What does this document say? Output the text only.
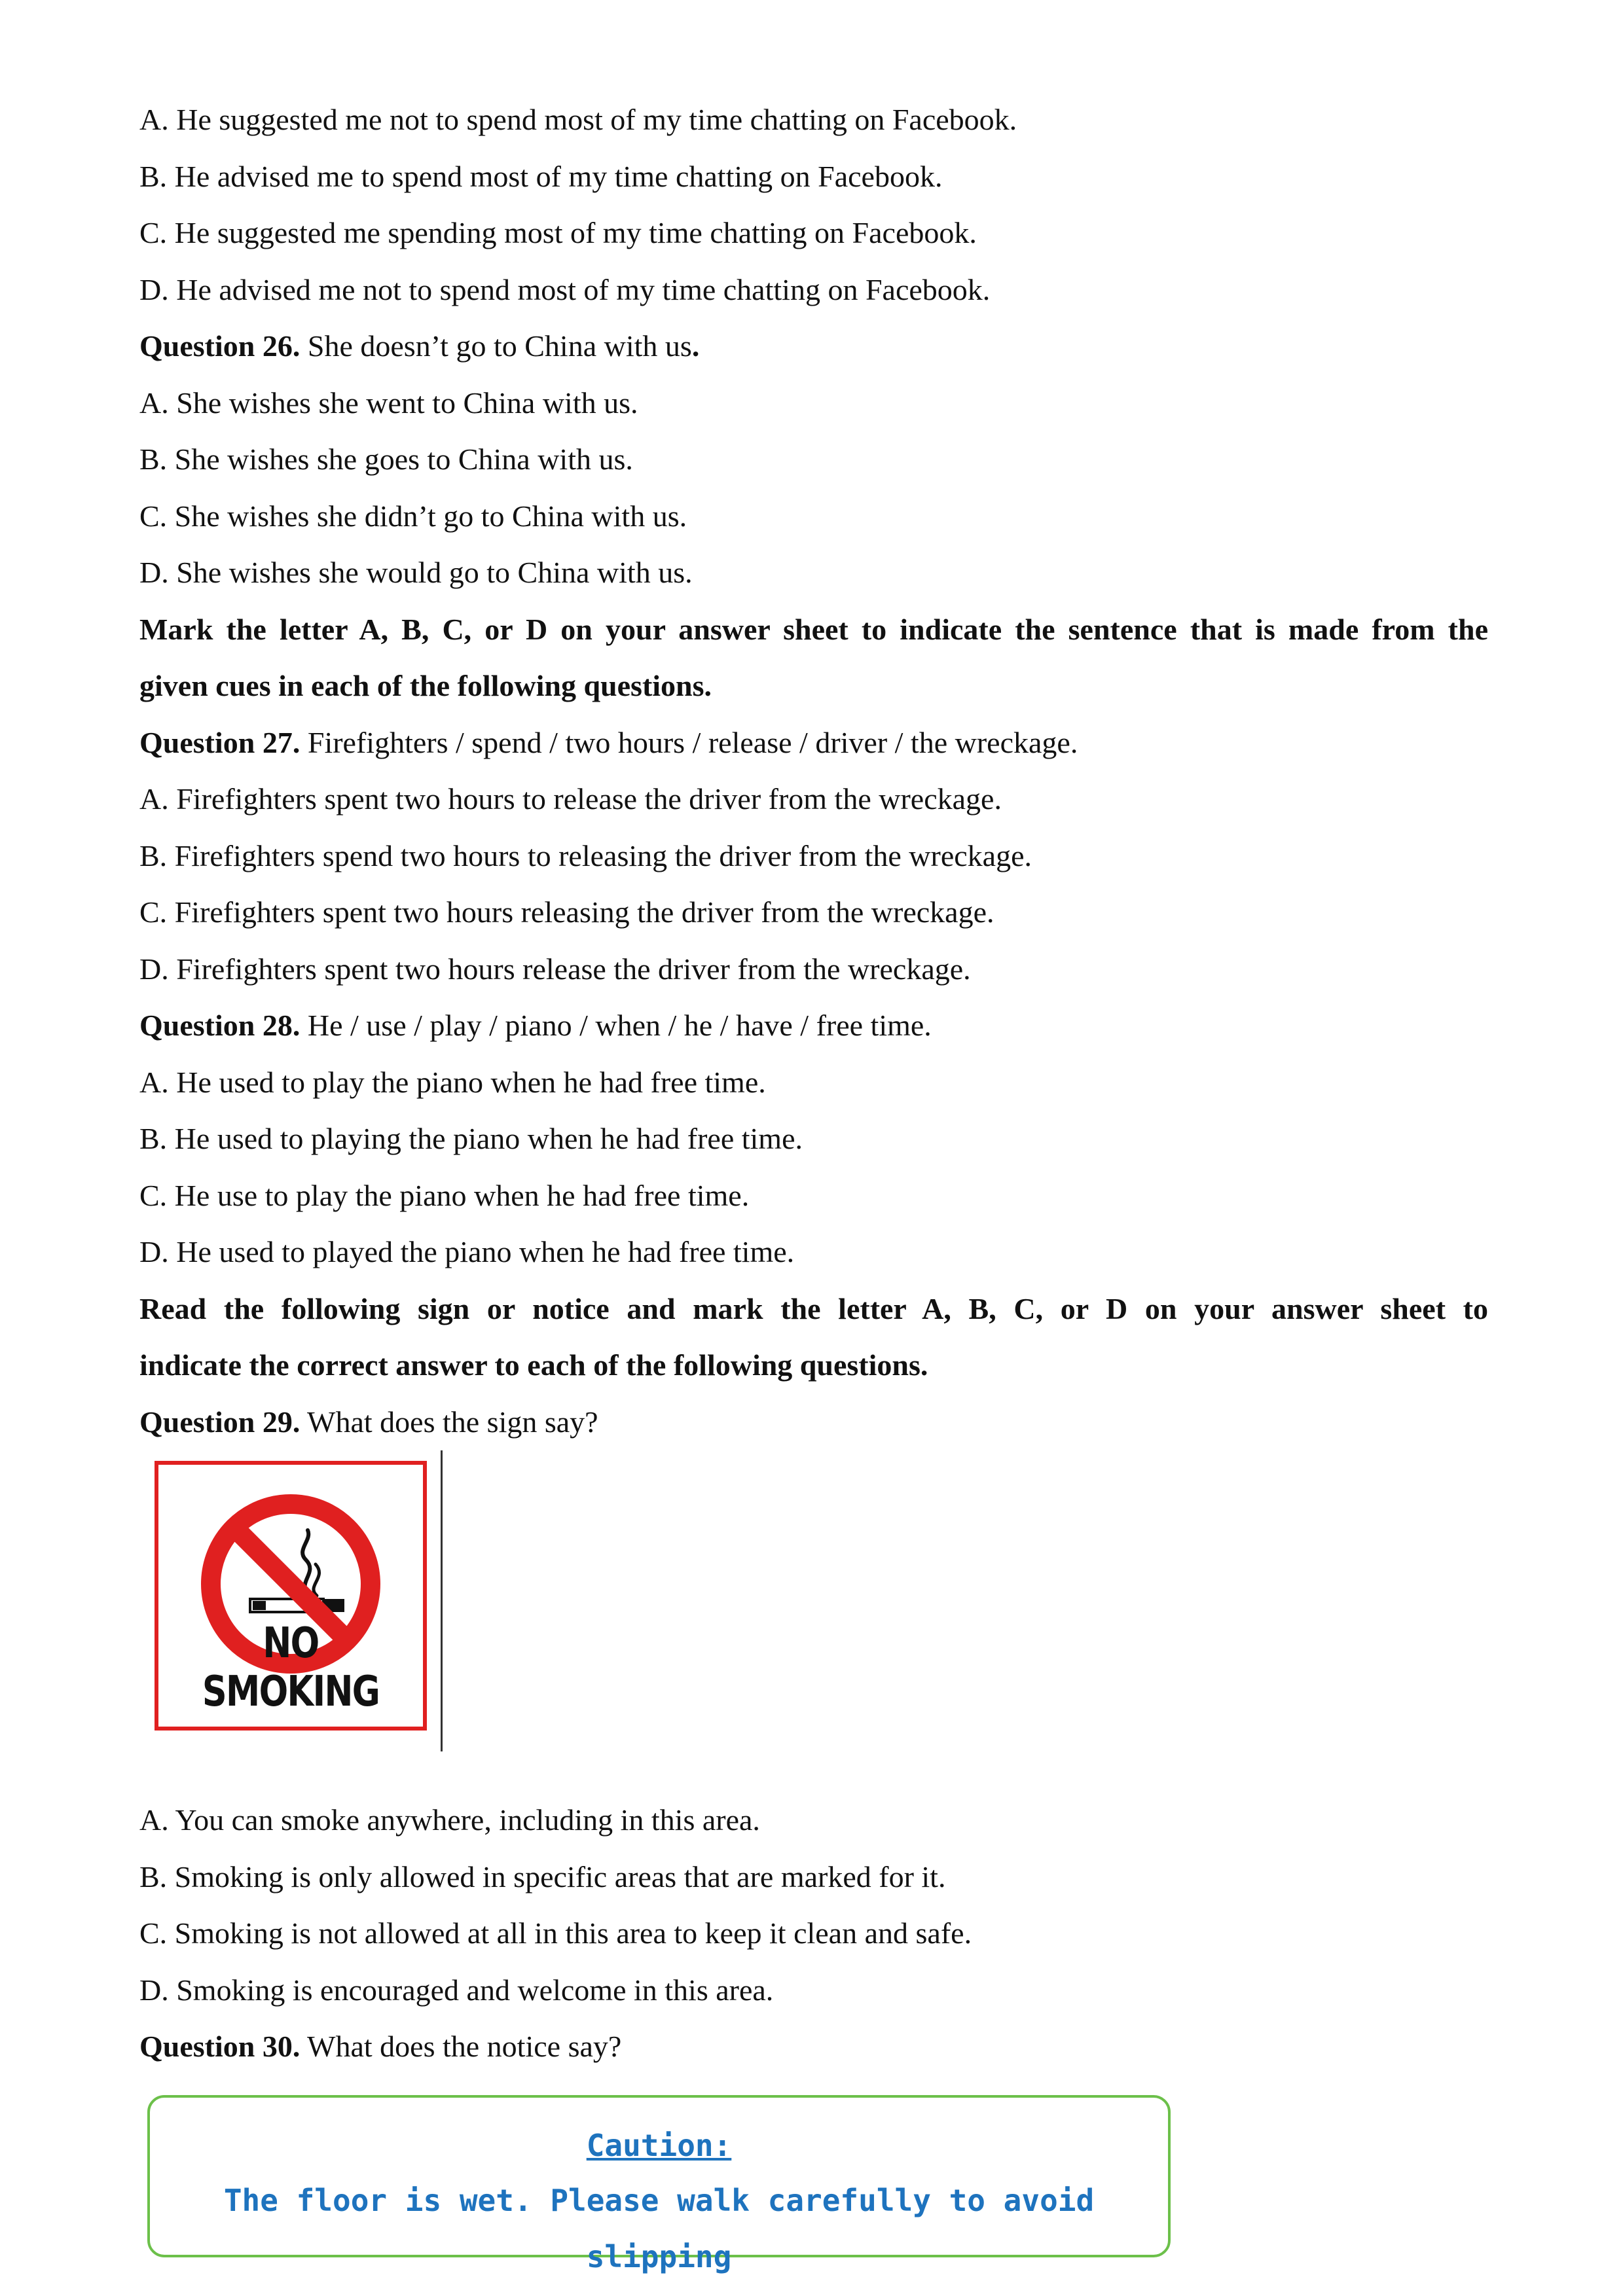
A. He suggested me not to spend most of my time chatting on Facebook.
B. He advised me to spend most of my time chatting on Facebook.
C. He suggested me spending most of my time chatting on Facebook.
D. He advised me not to spend most of my time chatting on Facebook.
Question 26. She doesn’t go to China with us.
A. She wishes she went to China with us.
B. She wishes she goes to China with us.
C. She wishes she didn’t go to China with us.
D. She wishes she would go to China with us.
Mark the letter A, B, C, or D on your answer sheet to indicate the sentence that is made from the
given cues in each of the following questions.
Question 27. Firefighters / spend / two hours / release / driver / the wreckage.
A. Firefighters spent two hours to release the driver from the wreckage.
B. Firefighters spend two hours to releasing the driver from the wreckage.
C. Firefighters spent two hours releasing the driver from the wreckage.
D. Firefighters spent two hours release the driver from the wreckage.
Question 28. He / use / play / piano / when / he / have / free time.
A. He used to play the piano when he had free time.
B. He used to playing the piano when he had free time.
C. He use to play the piano when he had free time.
D. He used to played the piano when he had free time.
Read the following sign or notice and mark the letter A, B, C, or D on your answer sheet to
indicate the correct answer to each of the following questions.
Question 29. What does the sign say?
NO SMOKING
A. You can smoke anywhere, including in this area.
B. Smoking is only allowed in specific areas that are marked for it.
C. Smoking is not allowed at all in this area to keep it clean and safe.
D. Smoking is encouraged and welcome in this area.
Question 30. What does the notice say?
Caution:
The floor is wet. Please walk carefully to avoid slipping
